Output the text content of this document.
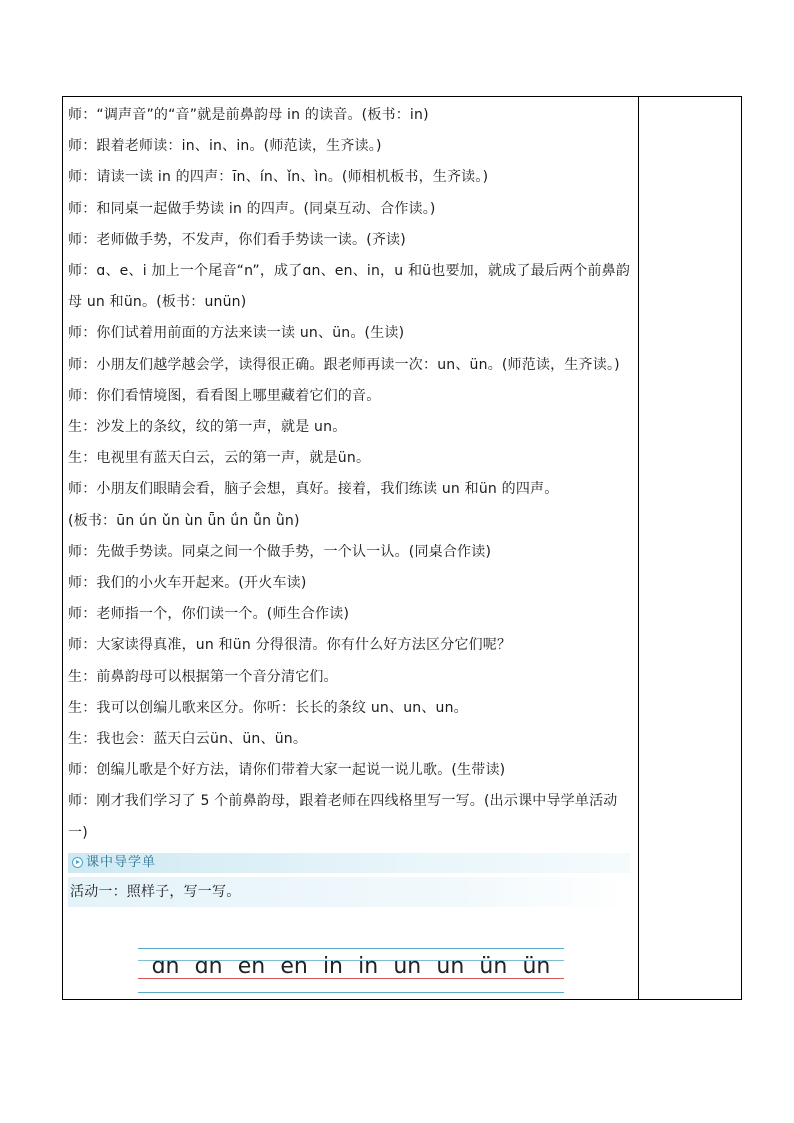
师：“调声音”的“音”就是前鼻韵母 in 的读音。(板书：in)
师：跟着老师读：in、in、in。(师范读，生齐读。)
师：请读一读 in 的四声：īn、ín、ǐn、ìn。(师相机板书，生齐读。)
师：和同桌一起做手势读 in 的四声。(同桌互动、合作读。)
师：老师做手势，不发声，你们看手势读一读。(齐读)
师：ɑ、e、i 加上一个尾音“n”，成了ɑn、en、in，u 和ü也要加，就成了最后两个前鼻韵母 un 和ün。(板书：unün)
师：你们试着用前面的方法来读一读 un、ün。(生读)
师：小朋友们越学越会学，读得很正确。跟老师再读一次：un、ün。(师范读，生齐读。)
师：你们看情境图，看看图上哪里藏着它们的音。
生：沙发上的条纹，纹的第一声，就是 un。
生：电视里有蓝天白云，云的第一声，就是ün。
师：小朋友们眼睛会看，脑子会想，真好。接着，我们练读 un 和ün 的四声。
(板书：ūn ún ǔn ùn ǖn ǘn ǚn ǜn)
师：先做手势读。同桌之间一个做手势，一个认一认。(同桌合作读)
师：我们的小火车开起来。(开火车读)
师：老师指一个，你们读一个。(师生合作读)
师：大家读得真准，un 和ün 分得很清。你有什么好方法区分它们呢？
生：前鼻韵母可以根据第一个音分清它们。
生：我可以创编儿歌来区分。你听：长长的条纹 un、un、un。
生：我也会：蓝天白云ün、ün、ün。
师：创编儿歌是个好方法，请你们带着大家一起说一说儿歌。(生带读)
师：刚才我们学习了 5 个前鼻韵母，跟着老师在四线格里写一写。(出示课中导学单活动一)
课中导学单
活动一：照样子，写一写。
ɑn ɑn en en in in un un ün ün
